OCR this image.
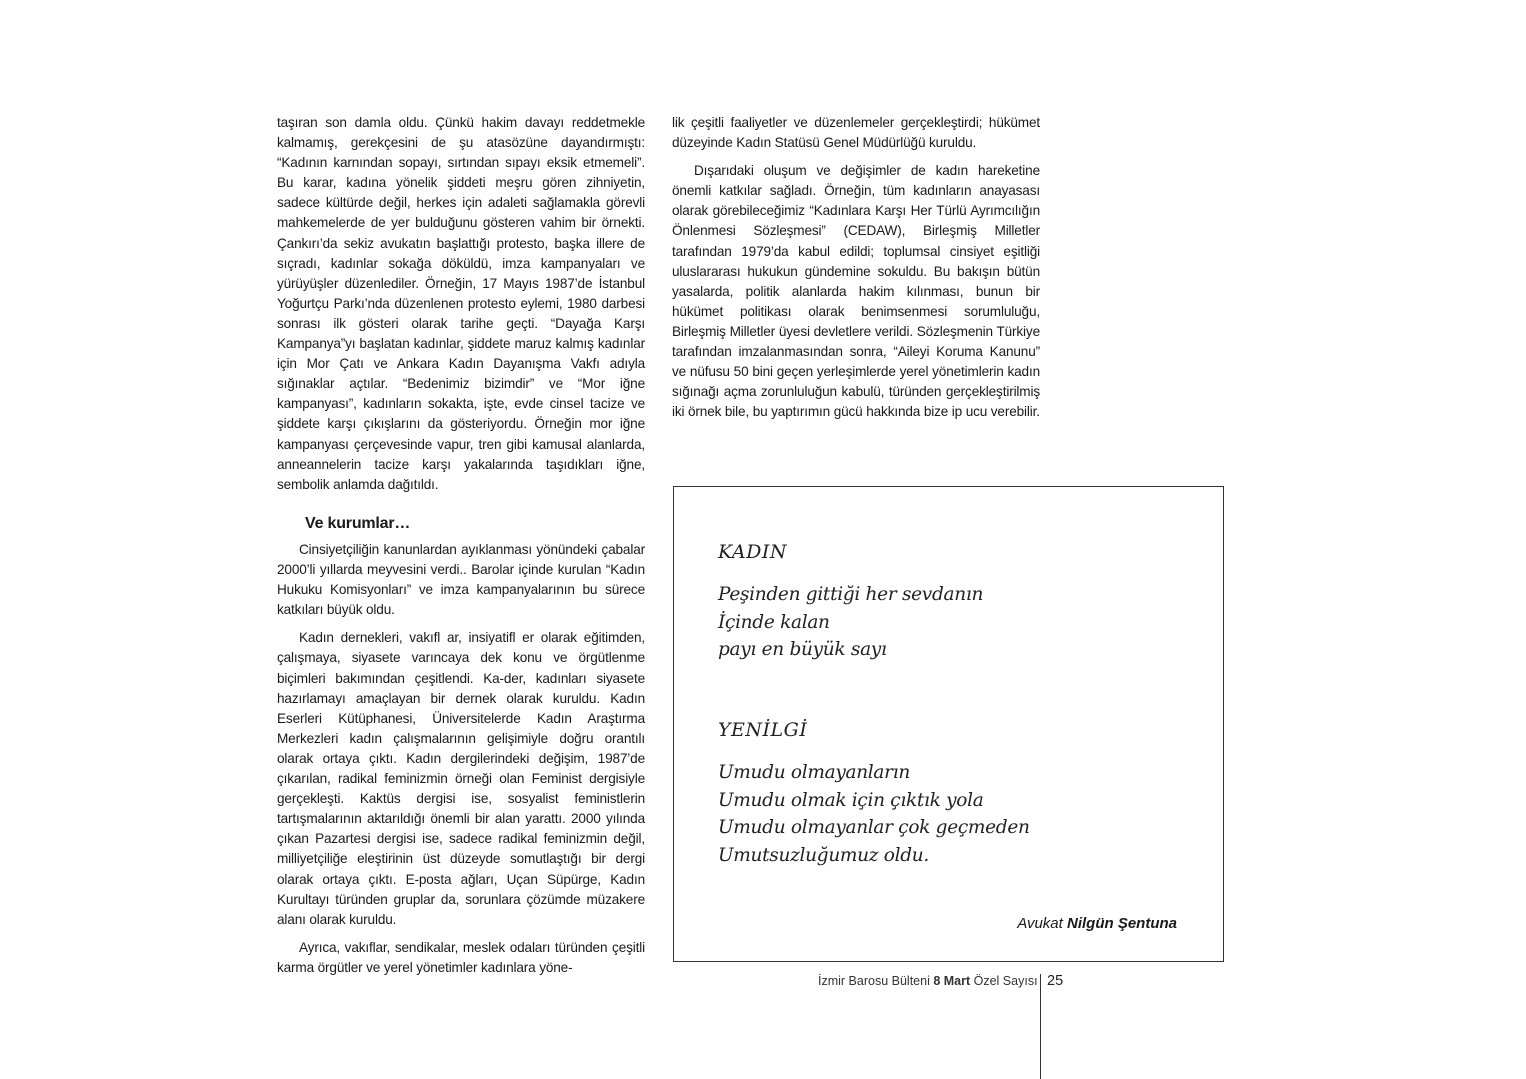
taşıran son damla oldu. Çünkü hakim davayı reddetmekle kalmamış, gerekçesini de şu atasözüne dayandırmıştı: “Kadının karnından sopayı, sırtından sıpayı eksik etmemeli”. Bu karar, kadına yönelik şiddeti meşru gören zihniyetin, sadece kültürde değil, herkes için adaleti sağlamakla görevli mahkemelerde de yer bulduğunu gösteren vahim bir örnekti. Çankırı’da sekiz avukatın başlattığı protesto, başka illere de sıçradı, kadınlar sokağa döküldü, imza kampanyaları ve yürüyüşler düzenlediler. Örneğin, 17 Mayıs 1987’de İstanbul Yoğurtçu Parkı’nda düzenlenen protesto eylemi, 1980 darbesi sonrası ilk gösteri olarak tarihe geçti. “Dayağa Karşı Kampanya”yı başlatan kadınlar, şiddete maruz kalmış kadınlar için Mor Çatı ve Ankara Kadın Dayanışma Vakfı adıyla sığınaklar açtılar. “Bedenimiz bizimdir” ve “Mor iğne kampanyası”, kadınların sokakta, işte, evde cinsel tacize ve şiddete karşı çıkışlarını da gösteriyordu. Örneğin mor iğne kampanyası çerçevesinde vapur, tren gibi kamusal alanlarda, anneannelerin tacize karşı yakalarında taşıdıkları iğne, sembolik anlamda dağıtıldı.

Ve kurumlar…

Cinsiyetçiliğin kanunlardan ayıklanması yönündeki çabalar 2000’li yıllarda meyvesini verdi.. Barolar içinde kurulan “Kadın Hukuku Komisyonları” ve imza kampanyalarının bu sürece katkıları büyük oldu.

Kadın dernekleri, vakıfl ar, insiyatifl er olarak eğitimden, çalışmaya, siyasete varıncaya dek konu ve örgütlenme biçimleri bakımından çeşitlendi. Ka-der, kadınları siyasete hazırlamayı amaçlayan bir dernek olarak kuruldu. Kadın Eserleri Kütüphanesi, Üniversitelerde Kadın Araştırma Merkezleri kadın çalışmalarının gelişimiyle doğru orantılı olarak ortaya çıktı. Kadın dergilerindeki değişim, 1987’de çıkarılan, radikal feminizmin örneği olan Feminist dergisiyle gerçekleşti. Kaktüs dergisi ise, sosyalist feministlerin tartışmalarının aktarıldığı önemli bir alan yarattı. 2000 yılında çıkan Pazartesi dergisi ise, sadece radikal feminizmin değil, milliyetçiliğe eleştirinin üst düzeyde somutlaştığı bir dergi olarak ortaya çıktı. E-posta ağları, Uçan Süpürge, Kadın Kurultayı türünden gruplar da, sorunlara çözümde müzakere alanı olarak kuruldu.

Ayrıca, vakıflar, sendikalar, meslek odaları türünden çeşitli karma örgütler ve yerel yönetimler kadınlara yöne-

lik çeşitli faaliyetler ve düzenlemeler gerçekleştirdi; hükümet düzeyinde Kadın Statüsü Genel Müdürlüğü kuruldu.

Dışarıdaki oluşum ve değişimler de kadın hareketine önemli katkılar sağladı. Örneğin, tüm kadınların anayasası olarak görebileceğimiz “Kadınlara Karşı Her Türlü Ayrımcılığın Önlenmesi Sözleşmesi” (CEDAW), Birleşmiş Milletler tarafından 1979’da kabul edildi; toplumsal cinsiyet eşitliği uluslararası hukukun gündemine sokuldu. Bu bakışın bütün yasalarda, politik alanlarda hakim kılınması, bunun bir hükümet politikası olarak benimsenmesi sorumluluğu, Birleşmiş Milletler üyesi devletlere verildi. Sözleşmenin Türkiye tarafından imzalanmasından sonra, “Aileyi Koruma Kanunu” ve nüfusu 50 bini geçen yerleşimlerde yerel yönetimlerin kadın sığınağı açma zorunluluğun kabulü, türünden gerçekleştirilmiş iki örnek bile, bu yaptırımın gücü hakkında bize ip ucu verebilir.

KADIN
Peşinden gittiği her sevdanın
İçinde kalan
payı en büyük sayı
YENİLGİ
Umudu olmayanların
Umudu olmak için çıktık yola
Umudu olmayanlar çok geçmeden
Umutsuzluğumuz oldu.
Avukat Nilgün Şentuna
İzmir Barosu Bülteni 8 Mart Özel Sayısı 25
